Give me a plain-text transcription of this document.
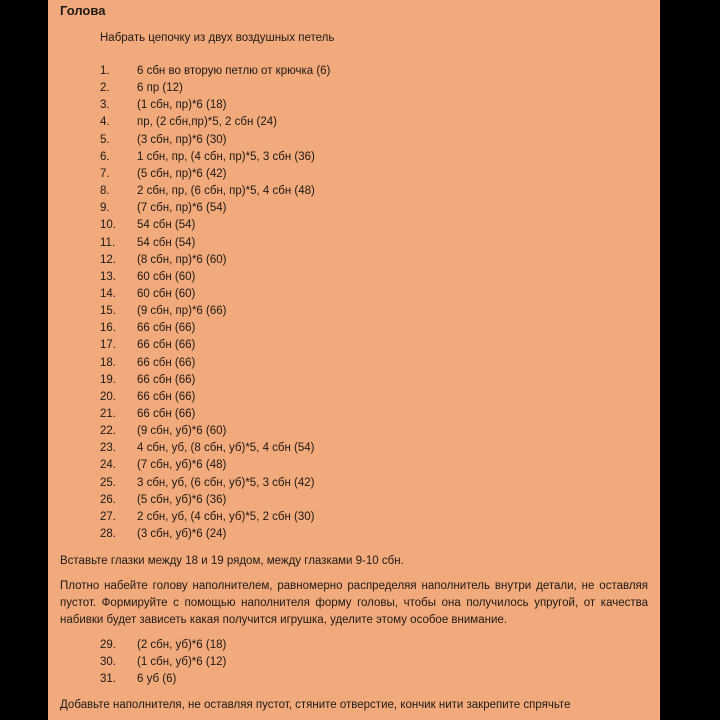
Голова
Набрать цепочку из двух воздушных петель
1.	6 сбн во вторую петлю от крючка (6)
2.	6 пр (12)
3.	(1 сбн, пр)*6 (18)
4.	пр, (2 сбн,пр)*5, 2 сбн (24)
5.	(3 сбн, пр)*6 (30)
6.	1 сбн, пр, (4 сбн, пр)*5, 3 сбн (36)
7.	(5 сбн, пр)*6 (42)
8.	2 сбн, пр, (6 сбн, пр)*5, 4 сбн (48)
9.	(7 сбн, пр)*6 (54)
10.	54 сбн (54)
11.	54 сбн (54)
12.	(8 сбн, пр)*6 (60)
13.	60 сбн (60)
14.	60 сбн (60)
15.	(9 сбн, пр)*6 (66)
16.	66 сбн (66)
17.	66 сбн (66)
18.	66 сбн (66)
19.	66 сбн (66)
20.	66 сбн (66)
21.	66 сбн (66)
22.	(9 сбн, уб)*6 (60)
23.	4 сбн, уб, (8 сбн, уб)*5, 4 сбн (54)
24.	(7 сбн, уб)*6 (48)
25.	3 сбн, уб, (6 сбн, уб)*5, 3 сбн (42)
26.	(5 сбн, уб)*6 (36)
27.	2 сбн, уб, (4 сбн, уб)*5, 2 сбн (30)
28.	(3 сбн, уб)*6 (24)
Вставьте глазки между 18 и 19 рядом, между глазками 9-10 сбн.
Плотно набейте голову наполнителем, равномерно распределяя наполнитель внутри детали, не оставляя пустот. Формируйте с помощью наполнителя форму головы, чтобы она получилось упругой, от качества набивки будет зависеть какая получится игрушка, уделите этому особое внимание.
29.	(2 сбн, уб)*6 (18)
30.	(1 сбн, уб)*6 (12)
31.	6 уб (6)
Добавьте наполнителя, не оставляя пустот, стяните отверстие, кончик нити закрепите спрячьте
